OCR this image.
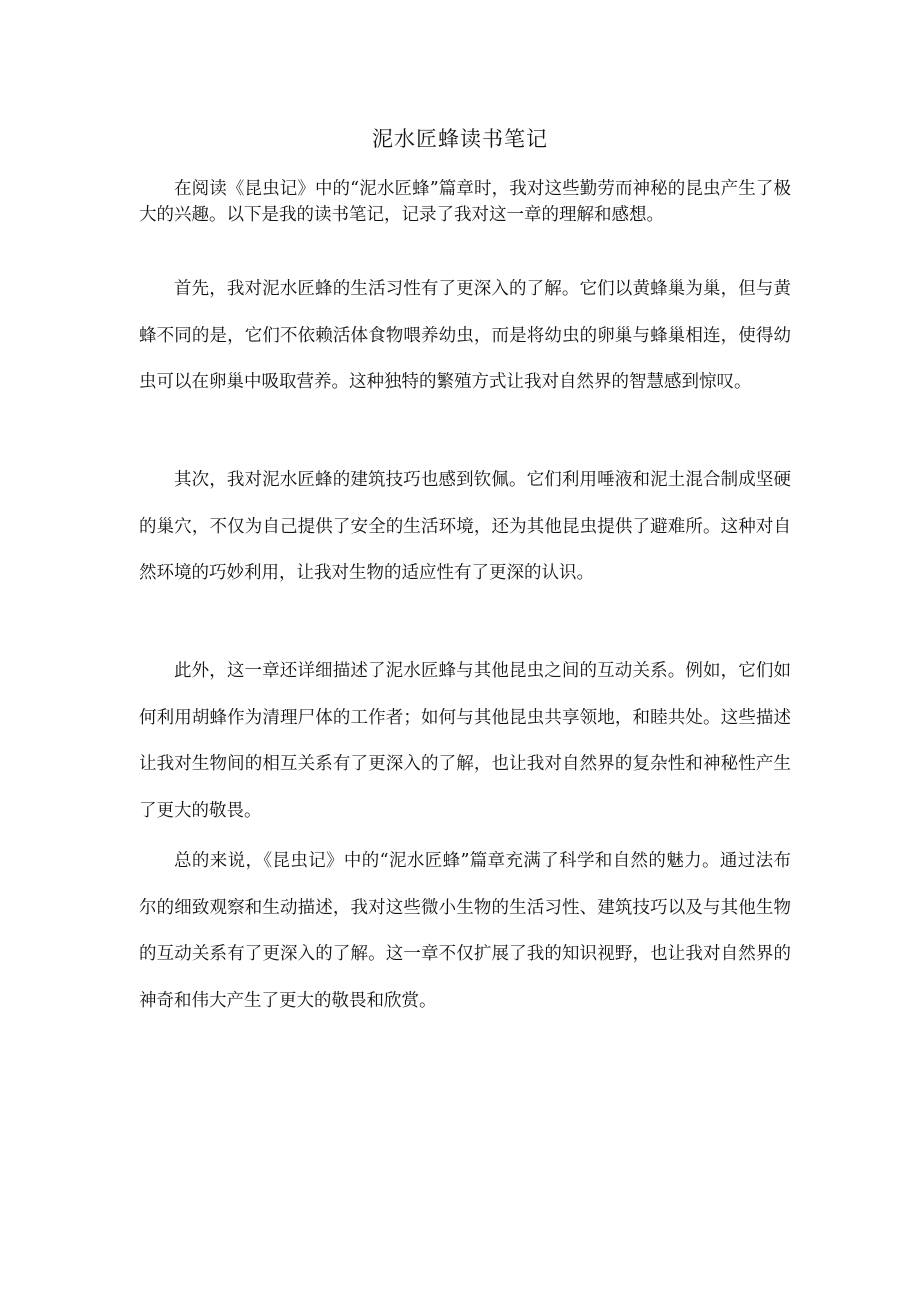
泥水匠蜂读书笔记

在阅读《昆虫记》中的“泥水匠蜂”篇章时，我对这些勤劳而神秘的昆虫产生了极大的兴趣。以下是我的读书笔记，记录了我对这一章的理解和感想。

首先，我对泥水匠蜂的生活习性有了更深入的了解。它们以黄蜂巢为巢，但与黄蜂不同的是，它们不依赖活体食物喂养幼虫，而是将幼虫的卵巢与蜂巢相连，使得幼虫可以在卵巢中吸取营养。这种独特的繁殖方式让我对自然界的智慧感到惊叹。

其次，我对泥水匠蜂的建筑技巧也感到钦佩。它们利用唾液和泥土混合制成坚硬的巢穴，不仅为自己提供了安全的生活环境，还为其他昆虫提供了避难所。这种对自然环境的巧妙利用，让我对生物的适应性有了更深的认识。

此外，这一章还详细描述了泥水匠蜂与其他昆虫之间的互动关系。例如，它们如何利用胡蜂作为清理尸体的工作者；如何与其他昆虫共享领地，和睦共处。这些描述让我对生物间的相互关系有了更深入的了解，也让我对自然界的复杂性和神秘性产生了更大的敬畏。

总的来说，《昆虫记》中的“泥水匠蜂”篇章充满了科学和自然的魅力。通过法布尔的细致观察和生动描述，我对这些微小生物的生活习性、建筑技巧以及与其他生物的互动关系有了更深入的了解。这一章不仅扩展了我的知识视野，也让我对自然界的神奇和伟大产生了更大的敬畏和欣赏。
